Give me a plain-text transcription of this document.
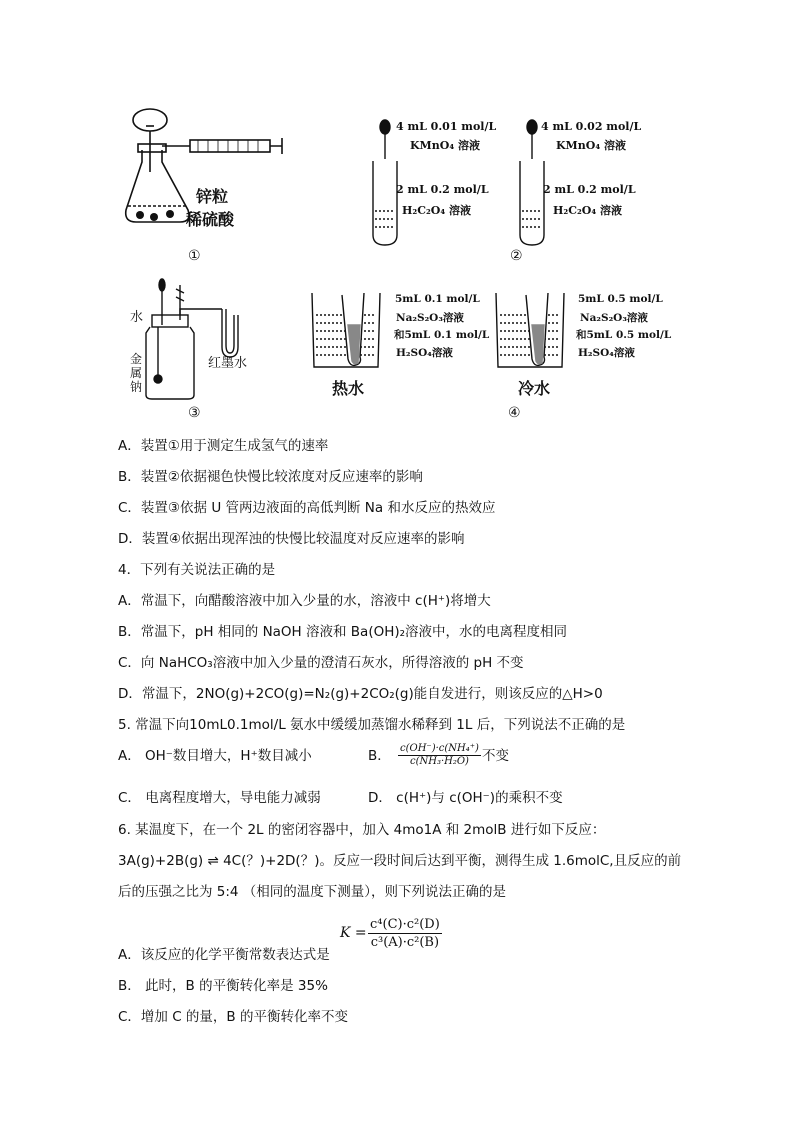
锌粒
稀硫酸
①
4 mL 0.01 mol/L
KMnO₄ 溶液
2 mL 0.2 mol/L
H₂C₂O₄ 溶液
4 mL 0.02 mol/L
KMnO₄ 溶液
2 mL 0.2 mol/L
H₂C₂O₄ 溶液
②
水
金
属
钠
红墨水
③
5mL 0.1 mol/L
Na₂S₂O₃溶液
和5mL 0.1 mol/L
H₂SO₄溶液
热水
5mL 0.5 mol/L
Na₂S₂O₃溶液
和5mL 0.5 mol/L
H₂SO₄溶液
冷水
④
A．装置①用于测定生成氢气的速率
B．装置②依据褪色快慢比较浓度对反应速率的影响
C．装置③依据 U 管两边液面的高低判断 Na 和水反应的热效应
D．装置④依据出现浑浊的快慢比较温度对反应速率的影响
4．下列有关说法正确的是
A．常温下，向醋酸溶液中加入少量的水，溶液中 c(H⁺)将增大
B．常温下，pH 相同的 NaOH 溶液和 Ba(OH)₂溶液中，水的电离程度相同
C．向 NaHCO₃溶液中加入少量的澄清石灰水，所得溶液的 pH 不变
D．常温下，2NO(g)+2CO(g)=N₂(g)+2CO₂(g)能自发进行，则该反应的△H>0
5. 常温下向10mL0.1mol/L 氨水中缓缓加蒸馏水稀释到 1L 后，下列说法不正确的是
A． OH⁻数目增大，H⁺数目减小	B． $\frac{\text{c(OH⁻)·c(NH₄⁺)}}{\text{c(NH₃·H₂O)}}$ 不变
C． 电离程度增大，导电能力减弱	D． c(H⁺)与 c(OH⁻)的乘积不变
6. 某温度下，在一个 2L 的密闭容器中，加入 4mo1A 和 2molB 进行如下反应：
3A(g)+2B(g) ⇌ 4C(？)+2D(？)。反应一段时间后达到平衡，测得生成 1.6molC,且反应的前
后的压强之比为 5:4 （相同的温度下测量），则下列说法正确的是
$K = \frac{\text{c⁴(C)·c²(D)}}{\text{c³(A)·c²(B)}}$
A．该反应的化学平衡常数表达式是
B． 此时，B 的平衡转化率是 35%
C．增加 C 的量，B 的平衡转化率不变
